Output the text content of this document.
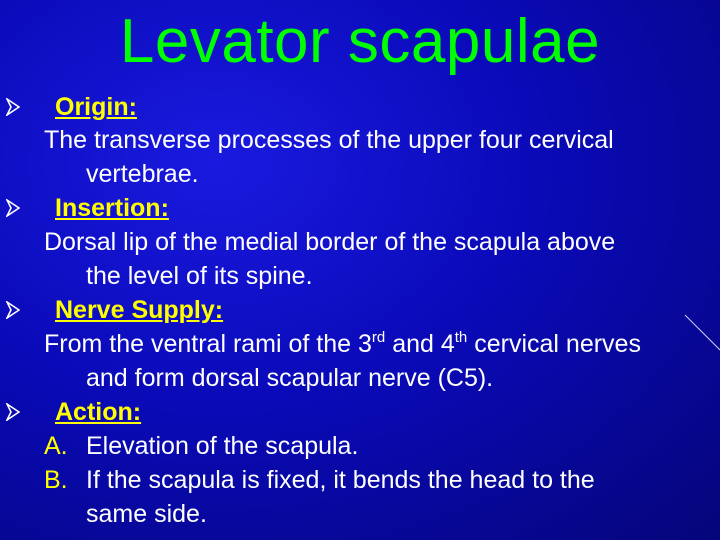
Levator scapulae
Origin:
The transverse processes of the upper four cervical
vertebrae.
Insertion:
Dorsal lip of the medial border of the scapula above
the level of its spine.
Nerve Supply:
From the ventral rami of the 3rd and 4th cervical nerves
and form dorsal scapular nerve (C5).
Action:
A. Elevation of the scapula.
B. If the scapula is fixed, it bends the head to the
same side.
